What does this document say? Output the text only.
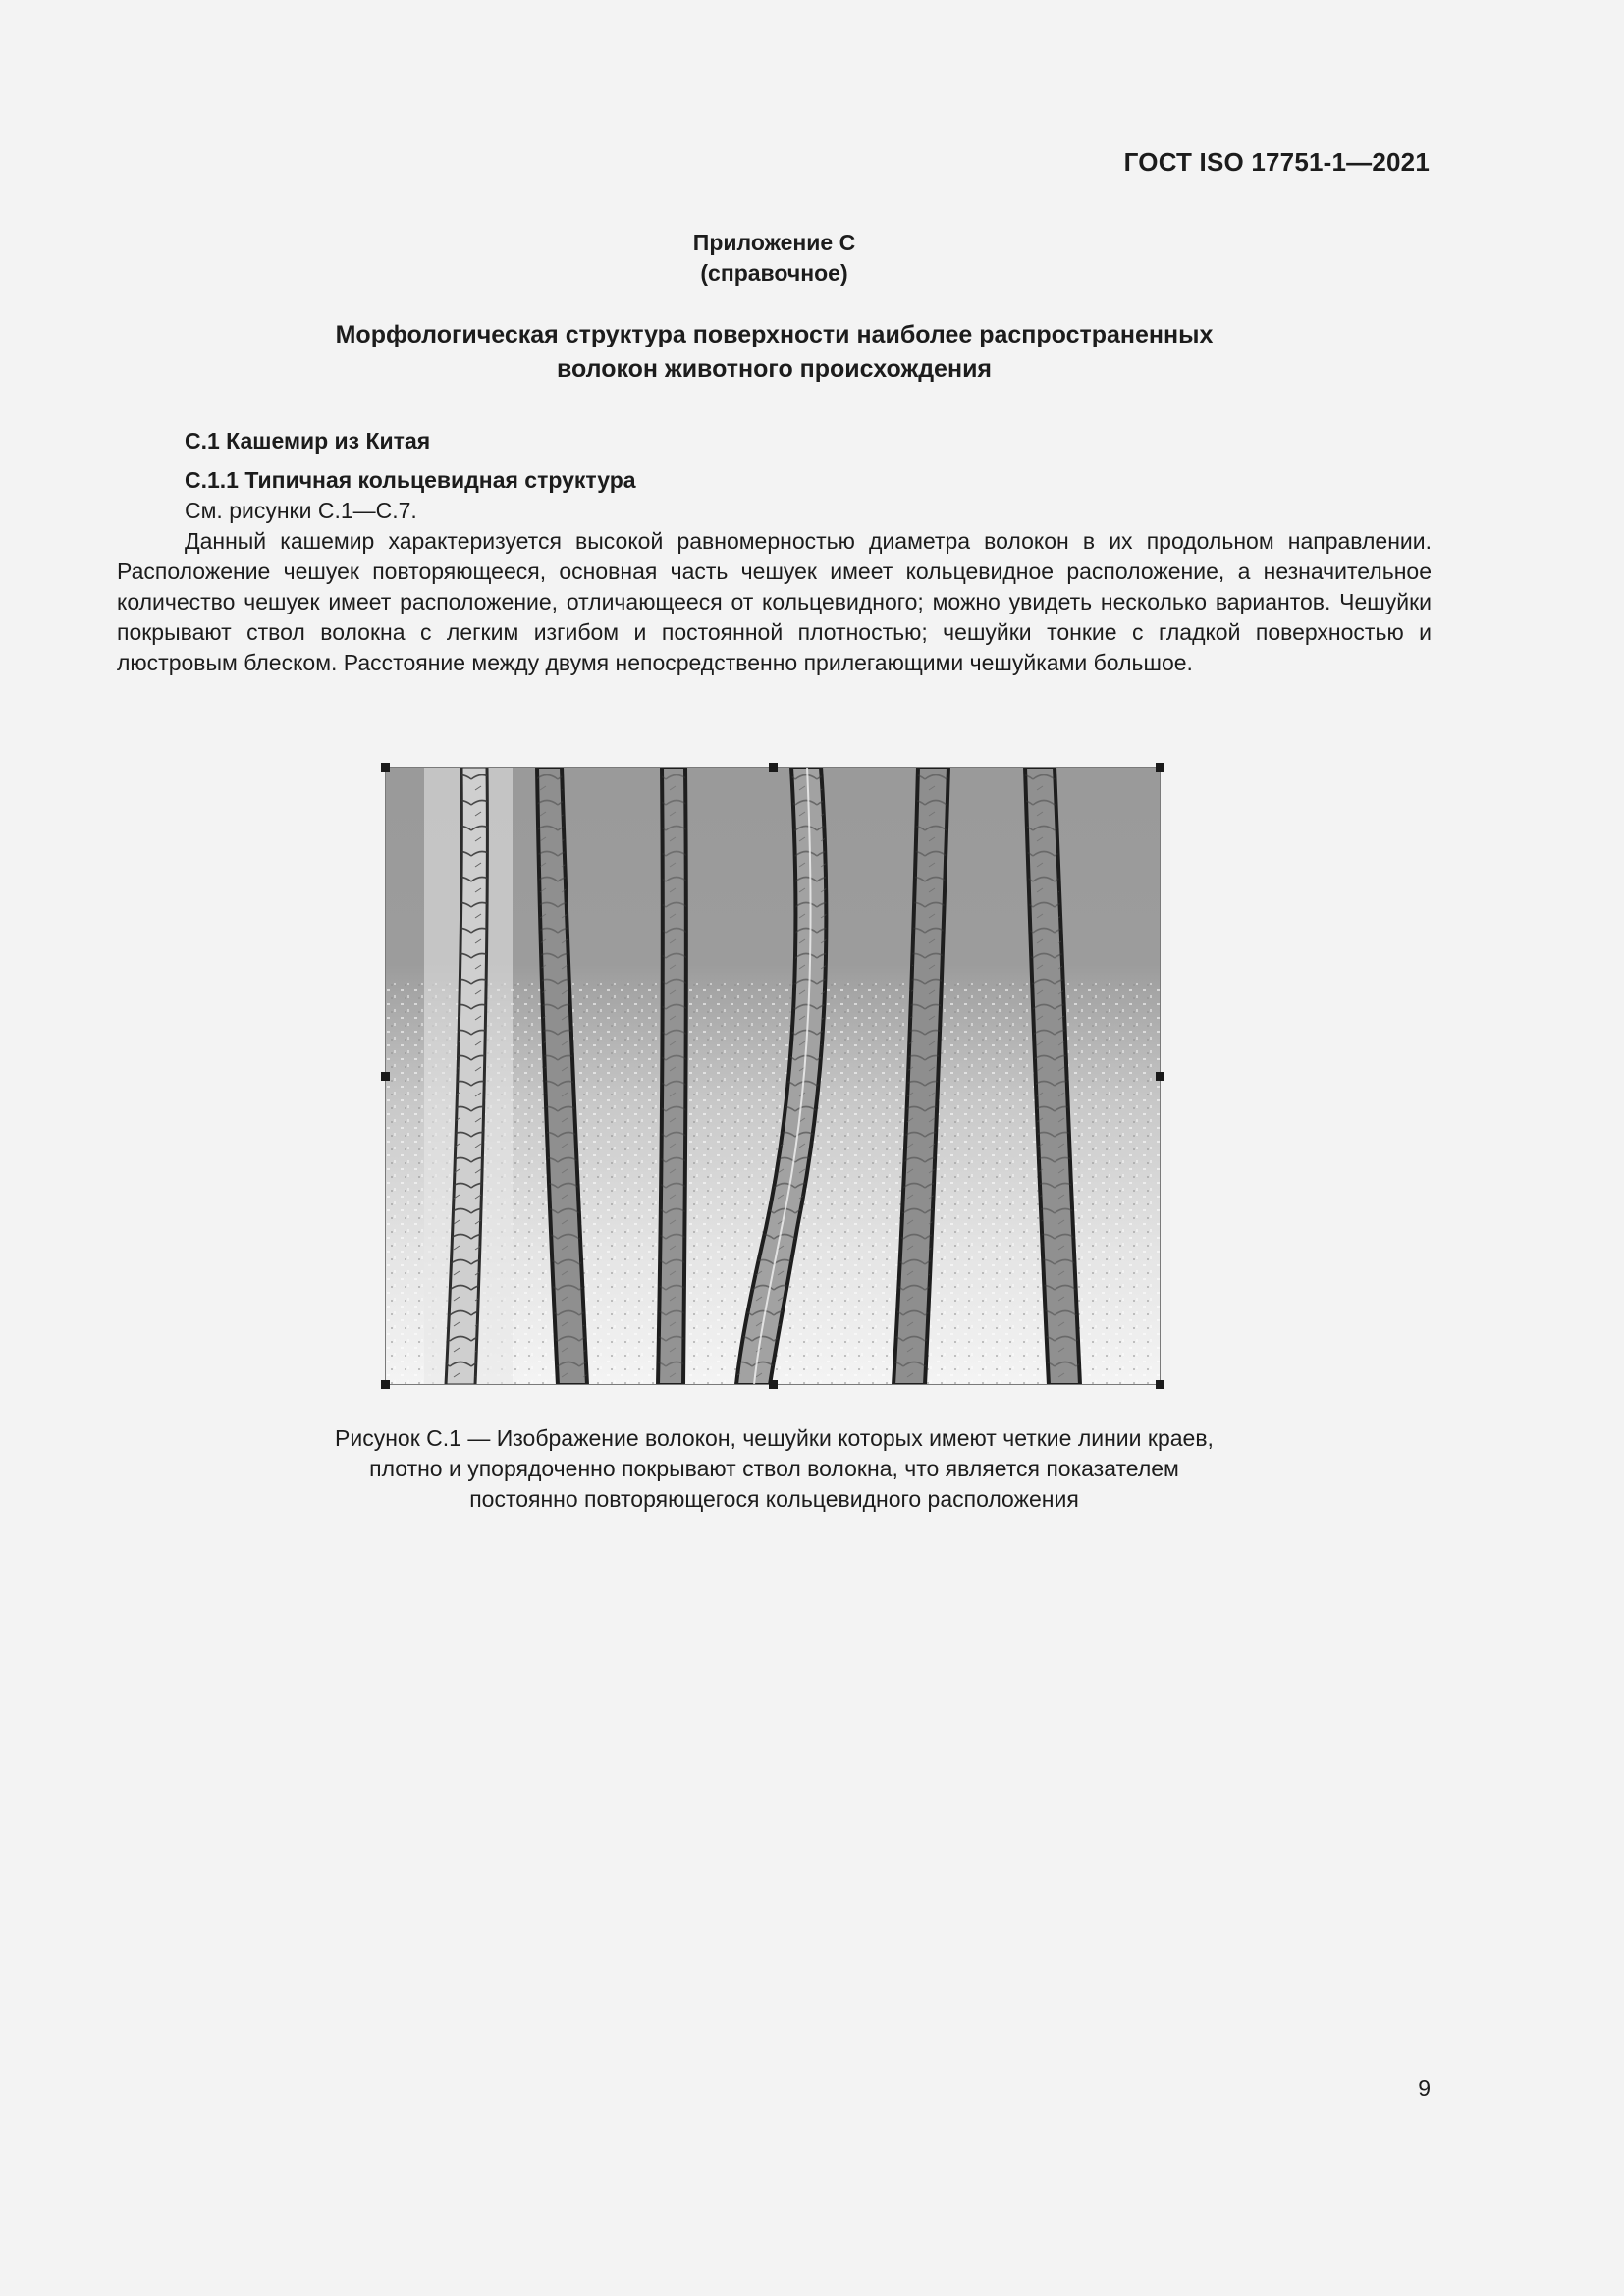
ГОСТ ISO 17751-1—2021
Приложение С
(справочное)
Морфологическая структура поверхности наиболее распространенных
волокон животного происхождения
С.1 Кашемир из Китая
С.1.1 Типичная кольцевидная структура
См. рисунки С.1—С.7.
Данный кашемир характеризуется высокой равномерностью диаметра волокон в их продольном направлении. Расположение чешуек повторяющееся, основная часть чешуек имеет кольцевидное расположение, а незначительное количество чешуек имеет расположение, отличающееся от кольцевидного; можно увидеть несколько вариантов. Чешуйки покрывают ствол волокна с легким изгибом и постоянной плотностью; чешуйки тонкие с гладкой поверхностью и люстровым блеском. Расстояние между двумя непосредственно прилегающими чешуйками большое.
Рисунок С.1 — Изображение волокон, чешуйки которых имеют четкие линии краев,
плотно и упорядоченно покрывают ствол волокна, что является показателем
постоянно повторяющегося кольцевидного расположения
9
